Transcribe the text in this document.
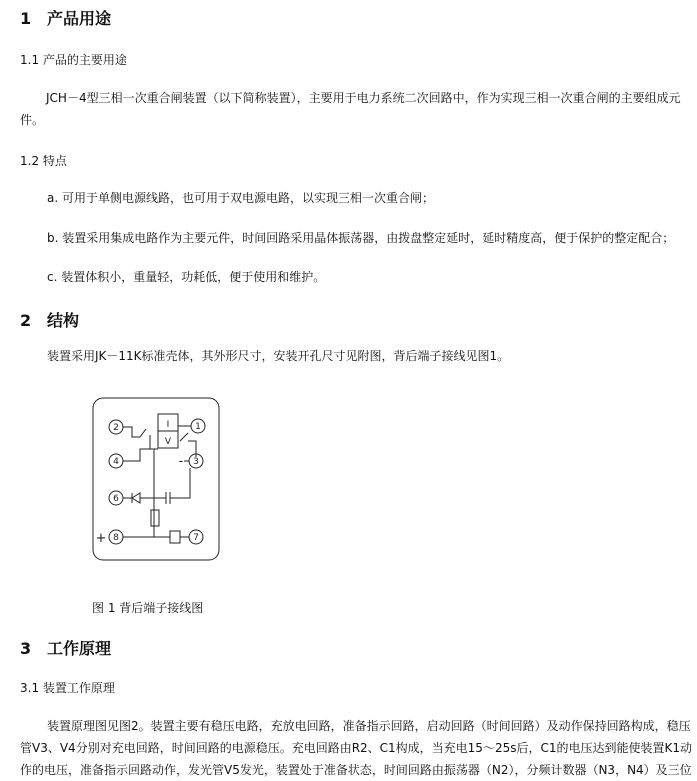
1 产品用途
1.1 产品的主要用途
JCH－4型三相一次重合闸装置（以下简称装置），主要用于电力系统二次回路中，作为实现三相一次重合闸的主要组成元件。
1.2 特点
a. 可用于单侧电源线路，也可用于双电源电路，以实现三相一次重合闸；
b. 装置采用集成电路作为主要元件，时间回路采用晶体振荡器，由拨盘整定延时，延时精度高，便于保护的整定配合；
c. 装置体积小，重量轻，功耗低，便于使用和维护。
2 结构
装置采用JK－11K标准壳体，其外形尺寸，安装开孔尺寸见附图，背后端子接线见图1。
2	1
4	3
6
8	7
I
V
-
+
图 1 背后端子接线图
3 工作原理
3.1 装置工作原理
装置原理图见图2。装置主要有稳压电路，充放电回路，准备指示回路，启动回路（时间回路）及动作保持回路构成，稳压
管V3、V4分别对充电回路，时间回路的电源稳压。充电回路由R2、C1构成，当充电15～25s后，C1的电压达到能使装置K1动
作的电压，准备指示回路动作，发光管V5发光，装置处于准备状态，时间回路由振荡器（N2），分频计数器（N3，N4）及三位
